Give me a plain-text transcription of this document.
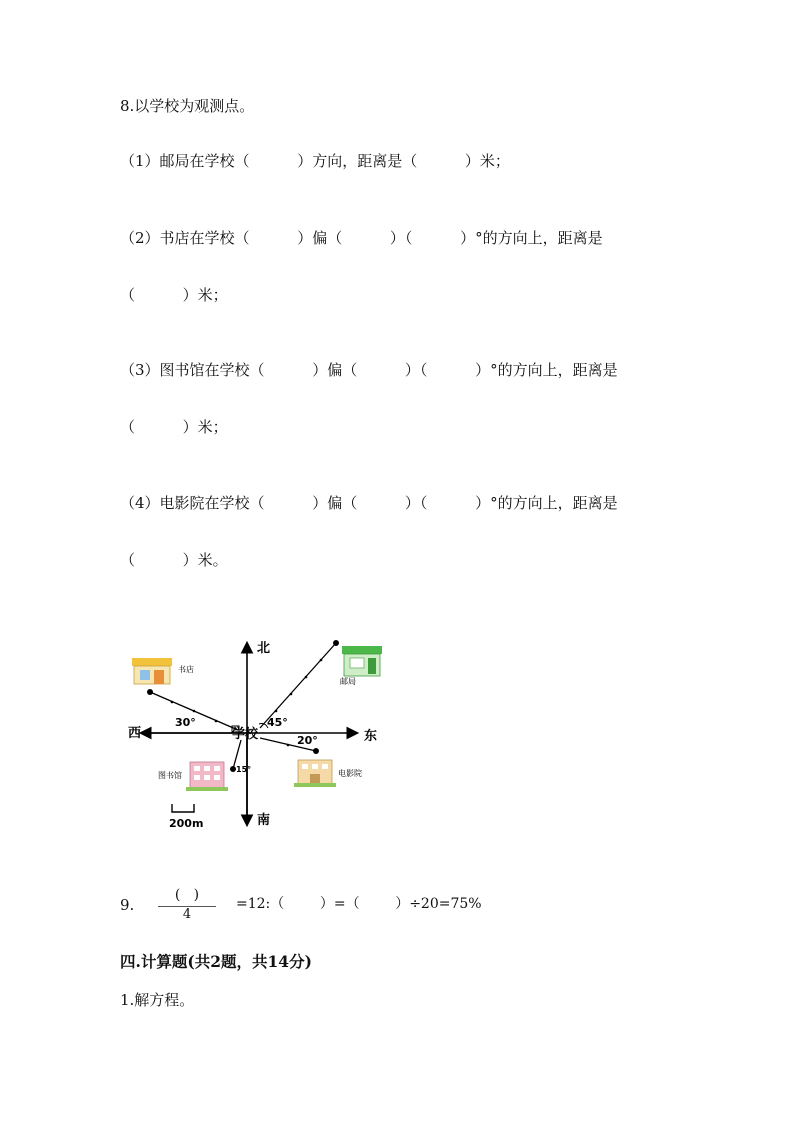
8.以学校为观测点。
（1）邮局在学校（          ）方向，距离是（          ）米；
（2）书店在学校（          ）偏（          ）（          ）°的方向上，距离是
（          ）米；
（3）图书馆在学校（          ）偏（          ）（          ）°的方向上，距离是
（          ）米；
（4）电影院在学校（          ）偏（          ）（          ）°的方向上，距离是
（          ）米。
北
南
东
西	学校
30°	45°
20°
15°
书店
邮局
图书馆	电影院
200m
9.
(   )
4
=12:（        ）=（        ）÷20=75%
四.计算题(共2题，共14分)
1.解方程。
